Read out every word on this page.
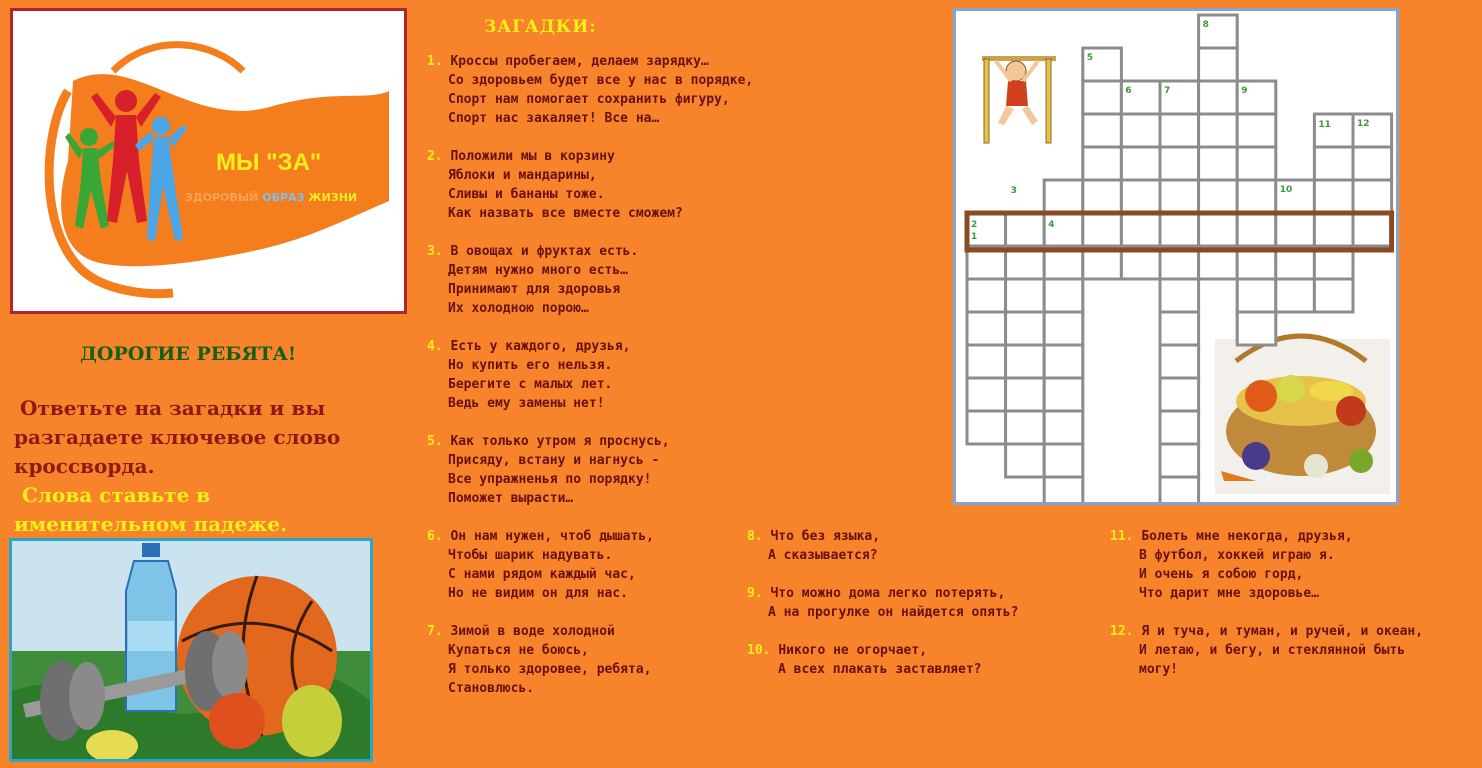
МЫ "ЗА"
ЗДОРОВЫЙ ОБРАЗ ЖИЗНИ
ДОРОГИЕ РЕБЯТА!
Ответьте на загадки и вы
разгадаете ключевое слово
кроссворда.
Слова ставьте в
именительном падеже.
ЗАГАДКИ:
1. Кроссы пробегаем, делаем зарядку…
Со здоровьем будет все у нас в порядке,
Спорт нам помогает сохранить фигуру,
Спорт нас закаляет! Все на…
2. Положили мы в корзину
Яблоки и мандарины,
Сливы и бананы тоже.
Как назвать все вместе сможем?
3. В овощах и фруктах есть.
Детям нужно много есть…
Принимают для здоровья
Их холодною порою…
4. Есть у каждого, друзья,
Но купить его нельзя.
Берегите с малых лет.
Ведь ему замены нет!
5. Как только утром я проснусь,
Присяду, встану и нагнусь -
Все упражненья по порядку!
Поможет вырасти…
6. Он нам нужен, чтоб дышать,
Чтобы шарик надувать.
С нами рядом каждый час,
Но не видим он для нас.
7. Зимой в воде холодной
Купаться не боюсь,
Я только здоровее, ребята,
Становлюсь.
8. Что без языка,
А сказывается?
9. Что можно дома легко потерять,
А на прогулке он найдется опять?
10. Никого не огорчает,
А всех плакать заставляет?
11. Болеть мне некогда, друзья,
В футбол, хоккей играю я.
И очень я собою горд,
Что дарит мне здоровье…
12. Я и туча, и туман, и ручей, и океан,
И летаю, и бегу, и стеклянной быть
могу!
1
2
3
4
5
6	7
8
9
10
11	12
